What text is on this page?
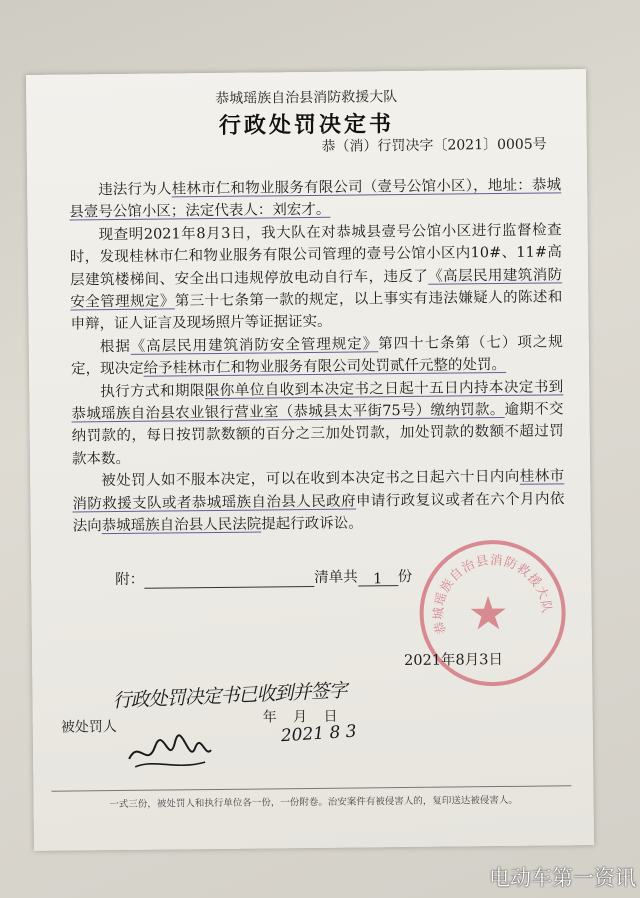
恭城瑶族自治县消防救援大队
行政处罚决定书
恭（消）行罚决字〔2021〕0005号

违法行为人桂林市仁和物业服务有限公司（壹号公馆小区），地址：恭城县壹号公馆小区；法定代表人：刘宏才。

现查明2021年8月3日，我大队在对恭城县壹号公馆小区进行监督检查时，发现桂林市仁和物业服务有限公司管理的壹号公馆小区内10#、11#高层建筑楼梯间、安全出口违规停放电动自行车，违反了《高层民用建筑消防安全管理规定》第三十七条第一款的规定，以上事实有违法嫌疑人的陈述和申辩，证人证言及现场照片等证据证实。

根据《高层民用建筑消防安全管理规定》第四十七条第（七）项之规定，现决定给予桂林市仁和物业服务有限公司处罚贰仟元整的处罚。

执行方式和期限限你单位自收到本决定书之日起十五日内持本决定书到恭城瑶族自治县农业银行营业室（恭城县太平街75号）缴纳罚款。逾期不交纳罚款的，每日按罚款数额的百分之三加处罚款，加处罚款的数额不超过罚款本数。

被处罚人如不服本决定，可以在收到本决定书之日起六十日内向桂林市消防救援支队或者恭城瑶族自治县人民政府申请行政复议或者在六个月内依法向恭城瑶族自治县人民法院提起行政诉讼。

附：	清单共 1 份
恭城瑶族自治县消防救援大队
★
2021年8月3日
行政处罚决定书已收到并签字
被处罚人
年 月 日
2021 8 3
一式三份，被处罚人和执行单位各一份，一份附卷。治安案件有被侵害人的，复印送达被侵害人。
电动车第一资讯
